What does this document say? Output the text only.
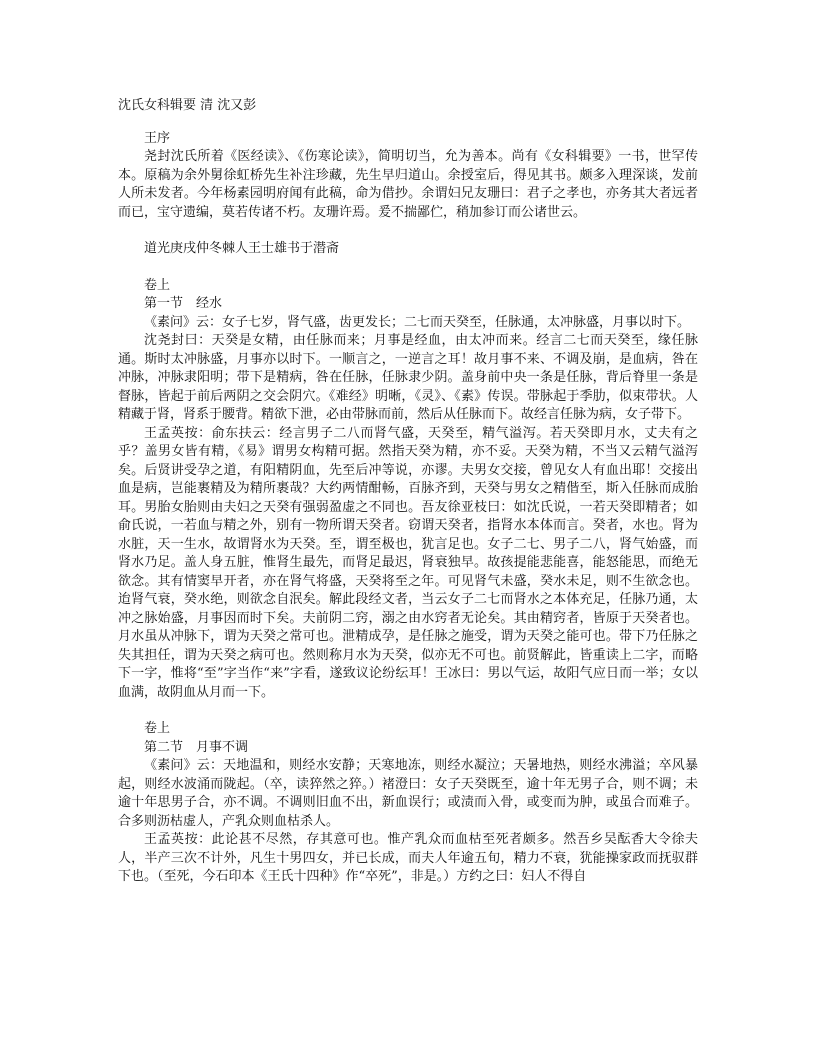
沈氏女科辑要 清 沈又彭

王序

尧封沈氏所着《医经读》、《伤寒论读》，简明切当，允为善本。尚有《女科辑要》一书，世罕传本。原稿为余外舅徐虹桥先生补注珍藏，先生早归道山。余授室后，得见其书。颇多入理深谈，发前人所未发者。今年杨素园明府闻有此稿，命为借抄。余谓妇兄友珊曰：君子之孝也，亦务其大者远者而已，宝守遗编，莫若传诸不朽。友珊许焉。爰不揣鄙伫，稍加参订而公诸世云。

道光庚戌仲冬棘人王士雄书于潜斋

卷上

第一节　经水

《素问》云：女子七岁，肾气盛，齿更发长；二七而天癸至，任脉通，太冲脉盛，月事以时下。

沈尧封曰：天癸是女精，由任脉而来；月事是经血，由太冲而来。经言二七而天癸至，缘任脉通。斯时太冲脉盛，月事亦以时下。一顺言之，一逆言之耳！故月事不来、不调及崩，是血病，咎在冲脉，冲脉隶阳明；带下是精病，咎在任脉，任脉隶少阴。盖身前中央一条是任脉，背后脊里一条是督脉，皆起于前后两阴之交会阴穴。《难经》明晰，《灵》、《素》传误。带脉起于季肋，似束带状。人精藏于肾，肾系于腰背。精欲下泄，必由带脉而前，然后从任脉而下。故经言任脉为病，女子带下。

王孟英按：俞东扶云：经言男子二八而肾气盛，天癸至，精气溢泻。若天癸即月水，丈夫有之乎？盖男女皆有精，《易》谓男女构精可据。然指天癸为精，亦不妥。天癸为精，不当又云精气溢泻矣。后贤讲受孕之道，有阳精阴血，先至后冲等说，亦谬。夫男女交接，曾见女人有血出耶！交接出血是病，岂能裹精及为精所裹哉？大约两情酣畅，百脉齐到，天癸与男女之精偕至，斯入任脉而成胎耳。男胎女胎则由夫妇之天癸有强弱盈虚之不同也。吾友徐亚枝曰：如沈氏说，一若天癸即精者；如俞氏说，一若血与精之外，别有一物所谓天癸者。窃谓天癸者，指肾水本体而言。癸者，水也。肾为水脏，天一生水，故谓肾水为天癸。至，谓至极也，犹言足也。女子二七、男子二八，肾气始盛，而肾水乃足。盖人身五脏，惟肾生最先，而肾足最迟，肾衰独早。故孩提能悲能喜，能怒能思，而绝无欲念。其有情窦早开者，亦在肾气将盛，天癸将至之年。可见肾气未盛，癸水未足，则不生欲念也。迨肾气衰，癸水绝，则欲念自泯矣。解此段经文者，当云女子二七而肾水之本体充足，任脉乃通，太冲之脉始盛，月事因而时下矣。夫前阴二窍，溺之由水窍者无论矣。其由精窍者，皆原于天癸者也。月水虽从冲脉下，谓为天癸之常可也。泄精成孕，是任脉之施受，谓为天癸之能可也。带下乃任脉之失其担任，谓为天癸之病可也。然则称月水为天癸，似亦无不可也。前贤解此，皆重读上二字，而略下一字，惟将“至”字当作“来”字看，遂致议论纷纭耳！王冰曰：男以气运，故阳气应日而一举；女以血满，故阴血从月而一下。

卷上

第二节　月事不调

《素问》云：天地温和，则经水安静；天寒地冻，则经水凝泣；天暑地热，则经水沸溢；卒风暴起，则经水波涌而陇起。（卒，读猝然之猝。）褚澄曰：女子天癸既至，逾十年无男子合，则不调；未逾十年思男子合，亦不调。不调则旧血不出，新血误行；或渍而入骨，或变而为肿，或虽合而难子。合多则沥枯虚人，产乳众则血枯杀人。

王孟英按：此论甚不尽然，存其意可也。惟产乳众而血枯至死者颇多。然吾乡吴酝香大令徐夫人，半产三次不计外，凡生十男四女，并已长成，而夫人年逾五旬，精力不衰，犹能操家政而抚驭群下也。（至死，今石印本《王氏十四种》作“卒死”，非是。）方约之曰：妇人不得自
